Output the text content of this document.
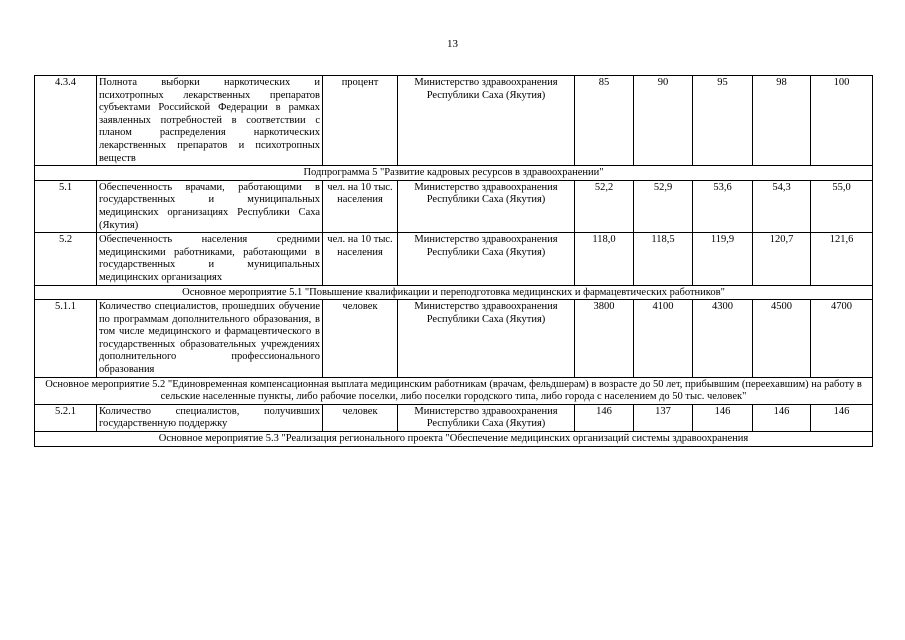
13
4.3.4	Полнота выборки наркотических и психотропных лекарственных препаратов субъектами Российской Федерации в рамках заявленных потребностей в соответствии с планом распределения наркотических лекарственных препаратов и психотропных веществ	процент	Министерство здравоохранения Республики Саха (Якутия)	85	90	95	98	100
Подпрограмма 5 "Развитие кадровых ресурсов в здравоохранении"								
5.1	Обеспеченность врачами, работающими в государственных и муниципальных медицинских организациях Республики Саха (Якутия)	чел. на 10 тыс. населения	Министерство здравоохранения Республики Саха (Якутия)	52,2	52,9	53,6	54,3	55,0
5.2	Обеспеченность населения средними медицинскими работниками, работающими в государственных и муниципальных медицинских организациях	чел. на 10 тыс. населения	Министерство здравоохранения Республики Саха (Якутия)	118,0	118,5	119,9	120,7	121,6
Основное мероприятие 5.1 "Повышение квалификации и переподготовка медицинских и фармацевтических работников"								
5.1.1	Количество специалистов, прошедших обучение по программам дополнительного образования, в том числе медицинского и фармацевтического в государственных образовательных учреждениях дополнительного профессионального образования	человек	Министерство здравоохранения Республики Саха (Якутия)	3800	4100	4300	4500	4700
Основное мероприятие 5.2 "Единовременная компенсационная выплата медицинским работникам (врачам, фельдшерам) в возрасте до 50 лет, прибывшим (переехавшим) на работу в сельские населенные пункты, либо рабочие поселки, либо поселки городского типа, либо города с населением до 50 тыс. человек"								
5.2.1	Количество специалистов, получивших государственную поддержку	человек	Министерство здравоохранения Республики Саха (Якутия)	146	137	146	146	146
Основное мероприятие 5.3 "Реализация регионального проекта "Обеспечение медицинских организаций системы здравоохранения								
